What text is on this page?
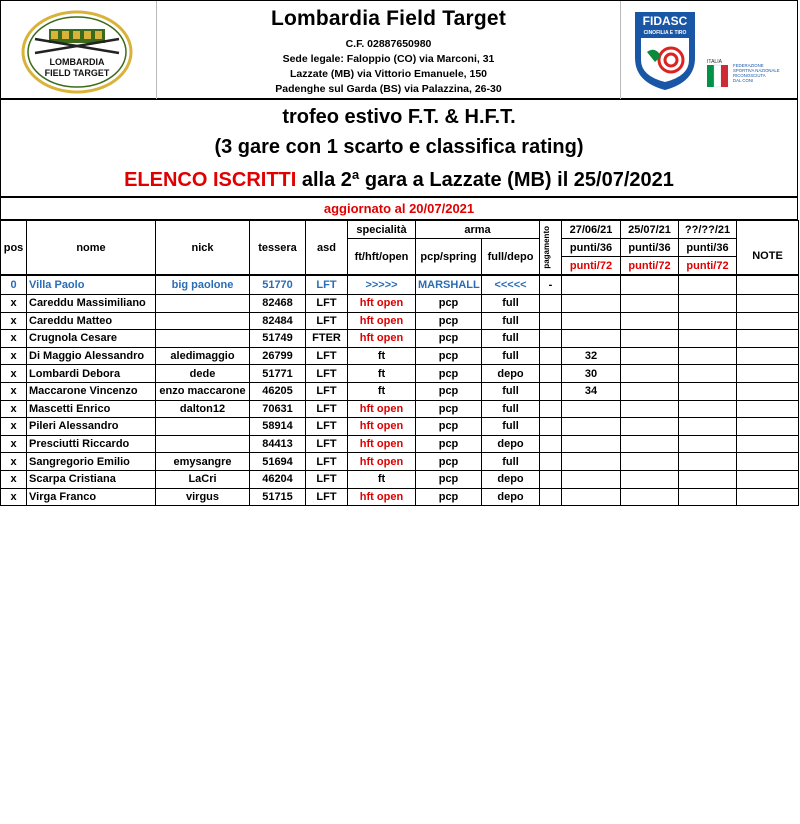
LOMBARDIA
FIELD TARGET
Lombardia Field Target
C.F. 02887650980
Sede legale: Faloppio (CO) via Marconi, 31
Lazzate (MB) via Vittorio Emanuele, 150
Padenghe sul Garda (BS) via Palazzina, 26-30
FIDASC
CINOFILIA E TIRO
ITALIA
FEDERAZIONE
SPORTIVA NAZIONALE
RICONOSCIUTA
DAL CONI
trofeo estivo F.T. & H.F.T.
(3 gare con 1 scarto e classifica rating)
ELENCO ISCRITTI alla 2ª gara a Lazzate (MB) il 25/07/2021
aggiornato al 20/07/2021
pos	nome	nick	tessera	asd	specialità	arma		pagamento	27/06/21	25/07/21	??/??/21	
					ft/hft/open	pcp/spring	full/depo		punti/36	punti/36	punti/36	NOTE
									punti/72	punti/72	punti/72	
0	Villa Paolo	big paolone	51770	LFT	>>>>>	MARSHALL	<<<<<	-				
x	Careddu Massimiliano		82468	LFT	hft open	pcp	full					
x	Careddu Matteo		82484	LFT	hft open	pcp	full					
x	Crugnola Cesare		51749	FTER	hft open	pcp	full					
x	Di Maggio Alessandro	aledimaggio	26799	LFT	ft	pcp	full		32			
x	Lombardi Debora	dede	51771	LFT	ft	pcp	depo		30			
x	Maccarone Vincenzo	enzo maccarone	46205	LFT	ft	pcp	full		34			
x	Mascetti Enrico	dalton12	70631	LFT	hft open	pcp	full					
x	Pileri Alessandro		58914	LFT	hft open	pcp	full					
x	Presciutti Riccardo		84413	LFT	hft open	pcp	depo					
x	Sangregorio Emilio	emysangre	51694	LFT	hft open	pcp	full					
x	Scarpa Cristiana	LaCri	46204	LFT	ft	pcp	depo					
x	Virga Franco	virgus	51715	LFT	hft open	pcp	depo					
